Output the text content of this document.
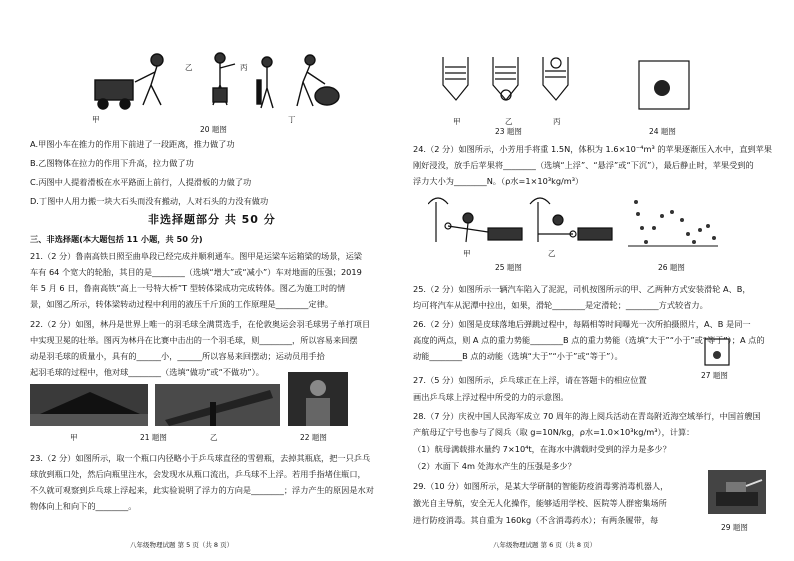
甲
乙	丙
丁
20 题图
A.甲图小车在推力的作用下前进了一段距离，推力做了功
B.乙图物体在拉力的作用下升高，拉力做了功
C.丙图中人提着滑板在水平路面上前行，人提滑板的力做了功
D.丁图中人用力搬一块大石头而没有搬动，人对石头的力没有做功
非选择题部分 共 50 分
三、非选择题(本大题包括 11 小题，共 50 分)
21.（2 分）鲁南高铁日照至曲阜段已经完成并顺利通车。图甲是运梁车运箱梁的场景，运梁
车有 64 个宽大的轮胎，其目的是________（选填“增大”或“减小”）车对地面的压强；2019
年 5 月 6 日，鲁南高铁“高上一号特大桥”T 型转体梁成功完成转体。图乙为施工时的情
景，如图乙所示，转体梁转动过程中利用的液压千斤顶的工作原理是________定律。
22.（2 分）如图，林丹是世界上唯一的羽毛球全满贯选手，在伦敦奥运会羽毛球男子单打项目
中实现卫冕的壮举。图丙为林丹在比赛中击出的一个羽毛球，则________，所以容易来回摆
动是羽毛球的质量小，具有的______小，______所以容易来回摆动；运动员用手拾
起羽毛球的过程中，他对球________（选填“做功”或“不做功”）。
甲	21 题图	乙	22 题图
23.（2 分）如图所示，取一个瓶口内径略小于乒乓球直径的雪碧瓶，去掉其瓶底，把一只乒乓
球放到瓶口处，然后向瓶里注水，会发现水从瓶口流出，乒乓球不上浮。若用手指堵住瓶口，
不久就可观察到乒乓球上浮起来，此实验说明了浮力的方向是________；浮力产生的原因是水对
物体向上和向下的________。
八年级物理试题 第 5 页（共 8 页）
甲	乙	丙
23 题图	24 题图
24.（2 分）如图所示，小芳用手将重 1.5N，体积为 1.6×10⁻⁴m³ 的苹果逐渐压入水中，直到苹果
刚好浸没，放手后苹果将________（选填“上浮”、“悬浮”或“下沉”），最后静止时，苹果受到的
浮力大小为________N。（ρ水=1×10³kg/m³）
甲	乙
25 题图	26 题图
25.（2 分）如图所示一辆汽车陷入了泥泥，司机按图所示的甲、乙两种方式安装滑轮 A、B，
均可将汽车从泥潭中拉出，如果，滑轮________是定滑轮；________方式较省力。
26.（2 分）如图是皮球落地后弹跳过程中，每隔相等时间曝光一次所拍摄照片，A、B 是同一
高度的两点，则 A 点的重力势能________B 点的重力势能（选填“大于”“小于”或“等于”）；A 点的
动能________B 点的动能（选填“大于”“小于”或“等于”）。
27 题图
27.（5 分）如图所示，乒乓球正在上浮，请在答题卡的相应位置
画出乒乓球上浮过程中所受的力的示意图。
28.（7 分）庆祝中国人民海军成立 70 周年的海上阅兵活动在青岛附近海空域举行，中国首艘国
产航母辽宁号也参与了阅兵（取 g=10N/kg，ρ水=1.0×10³kg/m³），计算：
（1）航母满载排水量约 7×10⁴t，在海水中满载时受到的浮力是多少？
（2）水面下 4m 处海水产生的压强是多少？
29.（10 分）如图所示，是某大学研制的智能防疫消毒雾消毒机器人，
激光自主导航，安全无人化操作，能够适用学校、医院等人群密集场所
进行防疫消毒。其自重为 160kg（不含消毒药水）；有两条履带，每
29 题图
八年级物理试题 第 6 页（共 8 页）
